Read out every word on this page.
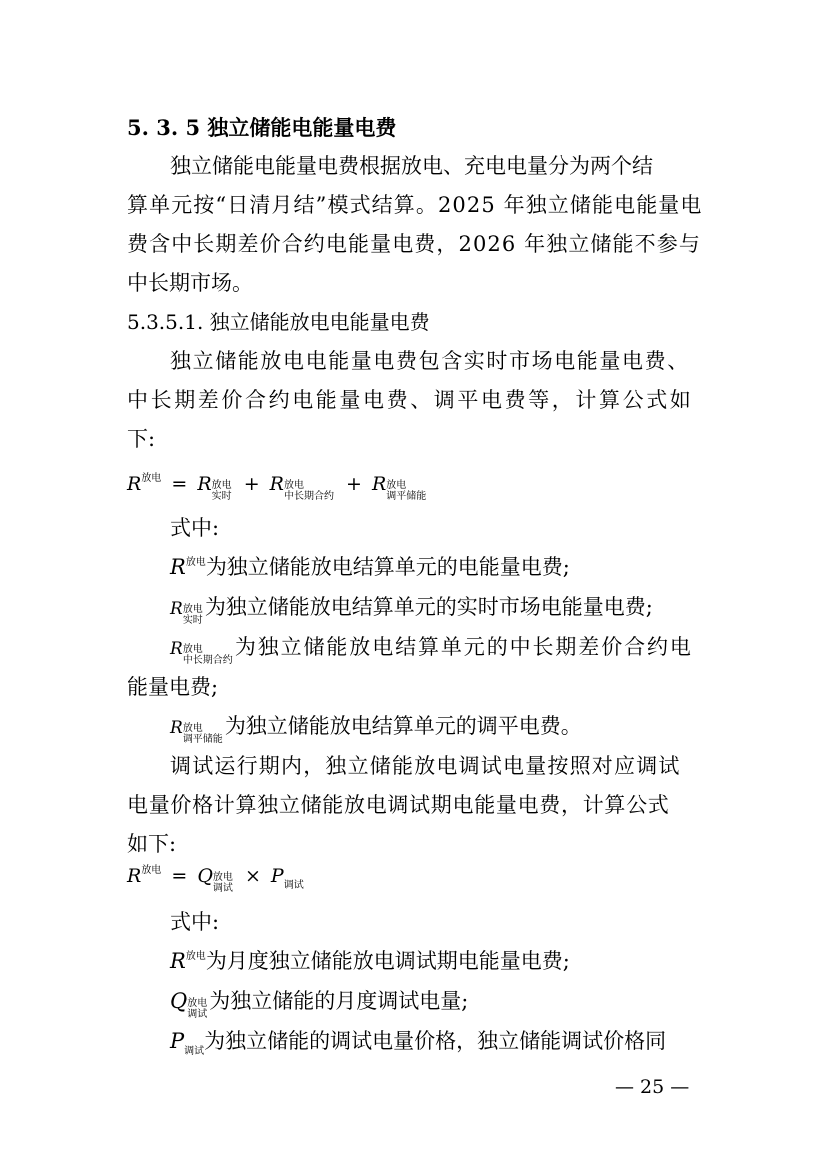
5. 3. 5 独立储能电能量电费
独立储能电能量电费根据放电、充电电量分为两个结
算单元按“日清月结”模式结算。2025 年独立储能电能量电
费含中长期差价合约电能量电费，2026 年独立储能不参与
中长期市场。
5.3.5.1. 独立储能放电电能量电费
独立储能放电电能量电费包含实时市场电能量电费、
中长期差价合约电能量电费、调平电费等，计算公式如
下:
$R^{放电} = R$ 放电
实时
+ R 放电
中长期合约
+ R 放电
调平储能
式中:
$R^{放电}$为独立储能放电结算单元的电能量电费;
R 放电
实时
为独立储能放电结算单元的实时市场电能量电费;
R 放电
中长期合约
为独立储能放电结算单元的中长期差价合约电
能量电费;
R 放电
调平储能
为独立储能放电结算单元的调平电费。
调试运行期内，独立储能放电调试电量按照对应调试
电量价格计算独立储能放电调试期电能量电费，计算公式
如下:
$R^{放电} = Q$ 放电
调试
× $P_{调试}$
式中:
$R^{放电}$为月度独立储能放电调试期电能量电费;
Q 放电
调试
为独立储能的月度调试电量;
$P_{调试}$为独立储能的调试电量价格，独立储能调试价格同
— 25 —
